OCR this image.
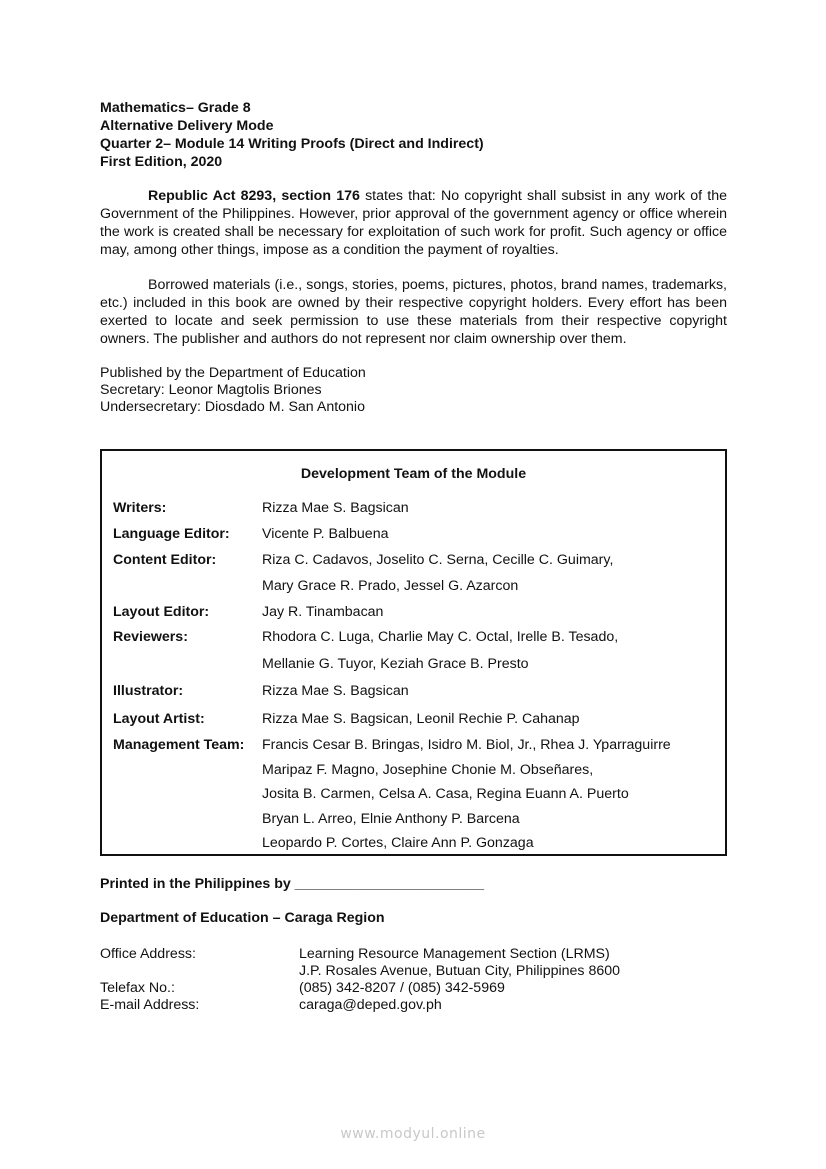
Mathematics– Grade 8

Alternative Delivery Mode

Quarter 2– Module 14 Writing Proofs (Direct and Indirect)

First Edition, 2020

Republic Act 8293, section 176 states that: No copyright shall subsist in any work of the Government of the Philippines. However, prior approval of the government agency or office wherein the work is created shall be necessary for exploitation of such work for profit. Such agency or office may, among other things, impose as a condition the payment of royalties.

Borrowed materials (i.e., songs, stories, poems, pictures, photos, brand names, trademarks, etc.) included in this book are owned by their respective copyright holders. Every effort has been exerted to locate and seek permission to use these materials from their respective copyright owners. The publisher and authors do not represent nor claim ownership over them.

Published by the Department of Education
Secretary: Leonor Magtolis Briones
Undersecretary: Diosdado M. San Antonio
Development Team of the Module
Writers:	Rizza Mae S. Bagsican
Language Editor: Vicente P. Balbuena
Content Editor:	Riza C. Cadavos, Joselito C. Serna, Cecille C. Guimary,
Mary Grace R. Prado, Jessel G. Azarcon
Layout Editor:	Jay R. Tinambacan
Reviewers:	Rhodora C. Luga, Charlie May C. Octal, Irelle B. Tesado,
Mellanie G. Tuyor, Keziah Grace B. Presto
Illustrator:	Rizza Mae S. Bagsican
Layout Artist:	Rizza Mae S. Bagsican, Leonil Rechie P. Cahanap
Management Team: Francis Cesar B. Bringas, Isidro M. Biol, Jr., Rhea J. Yparraguirre
Maripaz F. Magno, Josephine Chonie M. Obseñares,
Josita B. Carmen, Celsa A. Casa, Regina Euann A. Puerto
Bryan L. Arreo, Elnie Anthony P. Barcena
Leopardo P. Cortes, Claire Ann P. Gonzaga
Printed in the Philippines by ________________________
Department of Education – Caraga Region
Office Address:	Learning Resource Management Section (LRMS)
J.P. Rosales Avenue, Butuan City, Philippines 8600
Telefax No.:	(085) 342-8207 / (085) 342-5969
E-mail Address:	caraga@deped.gov.ph
www.modyul.online
